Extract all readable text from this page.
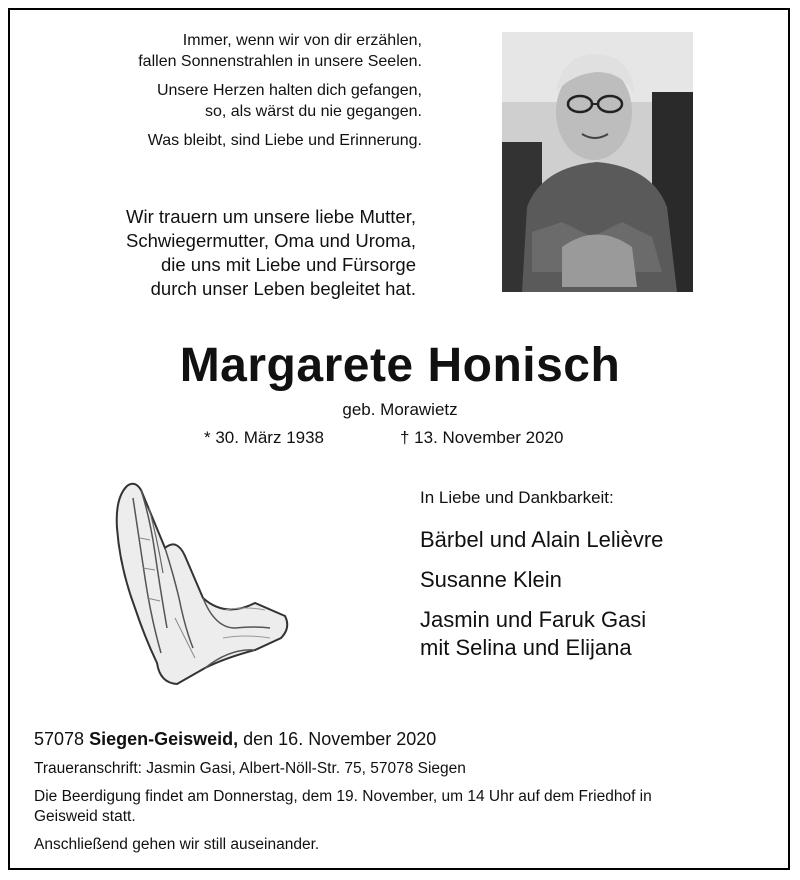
Immer, wenn wir von dir erzählen,
fallen Sonnenstrahlen in unsere Seelen.

Unsere Herzen halten dich gefangen,
so, als wärst du nie gegangen.

Was bleibt, sind Liebe und Erinnerung.

Wir trauern um unsere liebe Mutter,
Schwiegermutter, Oma und Uroma,
die uns mit Liebe und Fürsorge
durch unser Leben begleitet hat.
Margarete Honisch
geb. Morawietz
* 30. März 1938	† 13. November 2020
In Liebe und Dankbarkeit:
Bärbel und Alain Lelièvre
Susanne Klein
Jasmin und Faruk Gasi
mit Selina und Elijana
57078 Siegen-Geisweid, den 16. November 2020

Traueranschrift: Jasmin Gasi, Albert-Nöll-Str. 75, 57078 Siegen

Die Beerdigung findet am Donnerstag, dem 19. November, um 14 Uhr auf dem Friedhof in
Geisweid statt.

Anschließend gehen wir still auseinander.
